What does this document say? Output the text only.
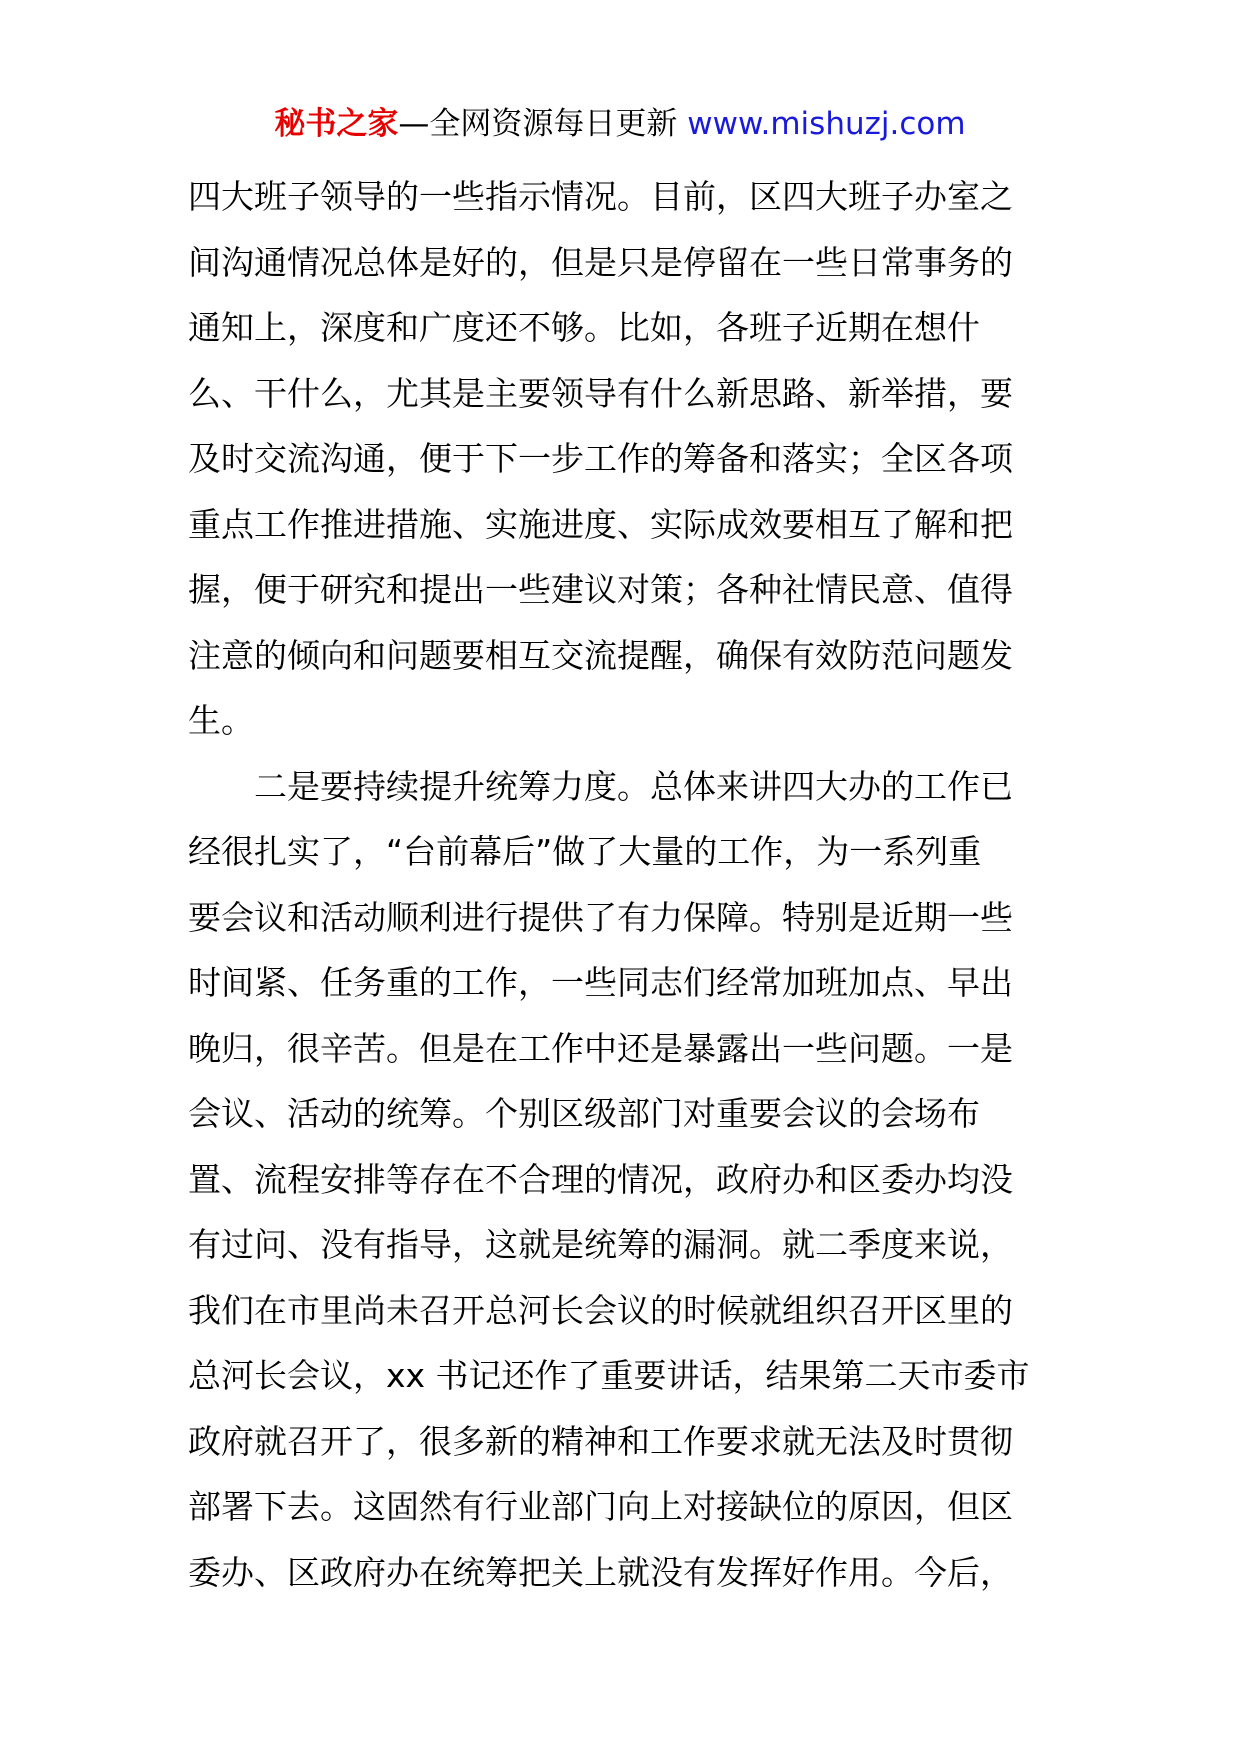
秘书之家—全网资源每日更新 www.mishuzj.com
四大班子领导的一些指示情况。目前，区四大班子办室之
间沟通情况总体是好的，但是只是停留在一些日常事务的
通知上，深度和广度还不够。比如，各班子近期在想什
么、干什么，尤其是主要领导有什么新思路、新举措，要
及时交流沟通，便于下一步工作的筹备和落实；全区各项
重点工作推进措施、实施进度、实际成效要相互了解和把
握，便于研究和提出一些建议对策；各种社情民意、值得
注意的倾向和问题要相互交流提醒，确保有效防范问题发
生。
　　二是要持续提升统筹力度。总体来讲四大办的工作已
经很扎实了，“台前幕后”做了大量的工作，为一系列重
要会议和活动顺利进行提供了有力保障。特别是近期一些
时间紧、任务重的工作，一些同志们经常加班加点、早出
晚归，很辛苦。但是在工作中还是暴露出一些问题。一是
会议、活动的统筹。个别区级部门对重要会议的会场布
置、流程安排等存在不合理的情况，政府办和区委办均没
有过问、没有指导，这就是统筹的漏洞。就二季度来说，
我们在市里尚未召开总河长会议的时候就组织召开区里的
总河长会议，xx 书记还作了重要讲话，结果第二天市委市
政府就召开了，很多新的精神和工作要求就无法及时贯彻
部署下去。这固然有行业部门向上对接缺位的原因，但区
委办、区政府办在统筹把关上就没有发挥好作用。今后，
